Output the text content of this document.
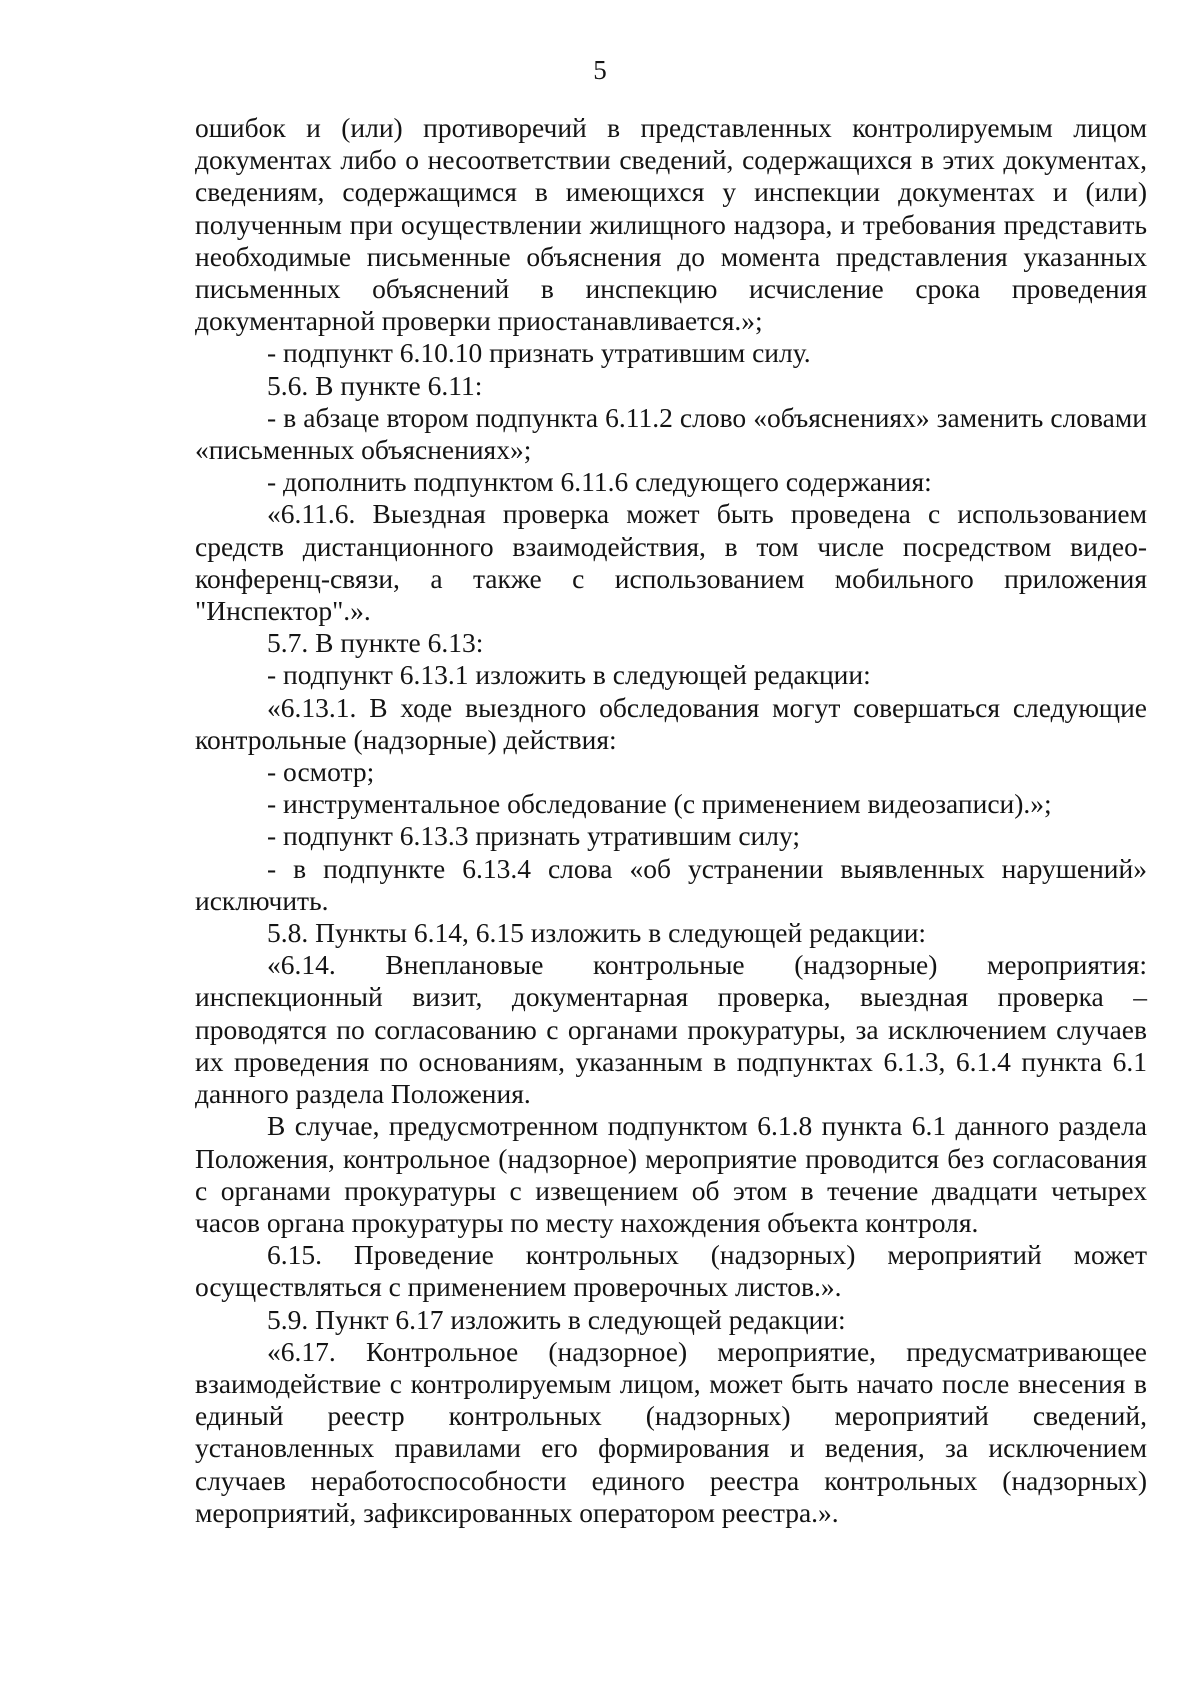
5

ошибок и (или) противоречий в представленных контролируемым лицом документах либо о несоответствии сведений, содержащихся в этих документах, сведениям, содержащимся в имеющихся у инспекции документах и (или) полученным при осуществлении жилищного надзора, и требования представить необходимые письменные объяснения до момента представления указанных письменных объяснений в инспекцию исчисление срока проведения документарной проверки приостанавливается.»;

- подпункт 6.10.10 признать утратившим силу.

5.6. В пункте 6.11:

- в абзаце втором подпункта 6.11.2 слово «объяснениях» заменить словами «письменных объяснениях»;

- дополнить подпунктом 6.11.6 следующего содержания:

«6.11.6. Выездная проверка может быть проведена с использованием средств дистанционного взаимодействия, в том числе посредством видео-конференц-связи, а также с использованием мобильного приложения "Инспектор".».

5.7. В пункте 6.13:

- подпункт 6.13.1 изложить в следующей редакции:

«6.13.1. В ходе выездного обследования могут совершаться следующие контрольные (надзорные) действия:

- осмотр;

- инструментальное обследование (с применением видеозаписи).»;

- подпункт 6.13.3 признать утратившим силу;

- в подпункте 6.13.4 слова «об устранении выявленных нарушений» исключить.

5.8. Пункты 6.14, 6.15 изложить в следующей редакции:

«6.14. Внеплановые контрольные (надзорные) мероприятия: инспекционный визит, документарная проверка, выездная проверка – проводятся по согласованию с органами прокуратуры, за исключением случаев их проведения по основаниям, указанным в подпунктах 6.1.3, 6.1.4 пункта 6.1 данного раздела Положения.

В случае, предусмотренном подпунктом 6.1.8 пункта 6.1 данного раздела Положения, контрольное (надзорное) мероприятие проводится без согласования с органами прокуратуры с извещением об этом в течение двадцати четырех часов органа прокуратуры по месту нахождения объекта контроля.

6.15. Проведение контрольных (надзорных) мероприятий может осуществляться с применением проверочных листов.».

5.9. Пункт 6.17 изложить в следующей редакции:

«6.17. Контрольное (надзорное) мероприятие, предусматривающее взаимодействие с контролируемым лицом, может быть начато после внесения в единый реестр контрольных (надзорных) мероприятий сведений, установленных правилами его формирования и ведения, за исключением случаев неработоспособности единого реестра контрольных (надзорных) мероприятий, зафиксированных оператором реестра.».
